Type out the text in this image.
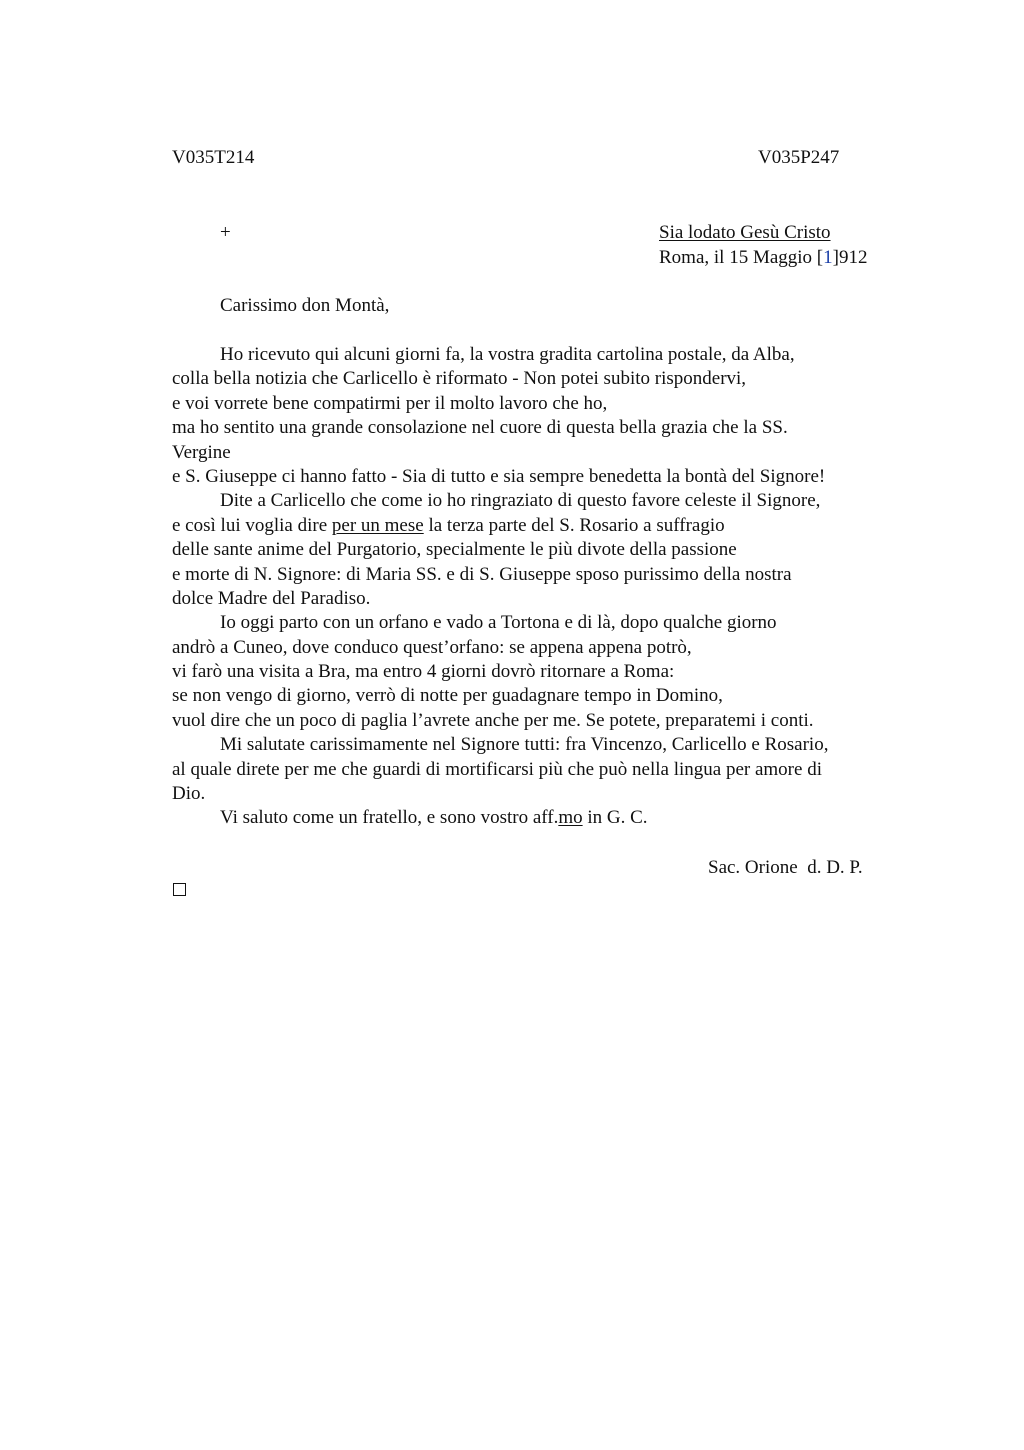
V035T214	V035P247
+	Sia lodato Gesù Cristo
Roma, il 15 Maggio [1]912
Carissimo don Montà,
Ho ricevuto qui alcuni giorni fa, la vostra gradita cartolina postale, da Alba,
colla bella notizia che Carlicello è riformato - Non potei subito rispondervi,
e voi vorrete bene compatirmi per il molto lavoro che ho,
ma ho sentito una grande consolazione nel cuore di questa bella grazia che la SS.
Vergine
e S. Giuseppe ci hanno fatto - Sia di tutto e sia sempre benedetta la bontà del Signore!
Dite a Carlicello che come io ho ringraziato di questo favore celeste il Signore,
e così lui voglia dire per un mese la terza parte del S. Rosario a suffragio
delle sante anime del Purgatorio, specialmente le più divote della passione
e morte di N. Signore: di Maria SS. e di S. Giuseppe sposo purissimo della nostra
dolce Madre del Paradiso.
Io oggi parto con un orfano e vado a Tortona e di là, dopo qualche giorno
andrò a Cuneo, dove conduco quest’orfano: se appena appena potrò,
vi farò una visita a Bra, ma entro 4 giorni dovrò ritornare a Roma:
se non vengo di giorno, verrò di notte per guadagnare tempo in Domino,
vuol dire che un poco di paglia l’avrete anche per me. Se potete, preparatemi i conti.
Mi salutate carissimamente nel Signore tutti: fra Vincenzo, Carlicello e Rosario,
al quale direte per me che guardi di mortificarsi più che può nella lingua per amore di
Dio.
Vi saluto come un fratello, e sono vostro aff.mo in G. C.
Sac. Orione  d. D. P.
